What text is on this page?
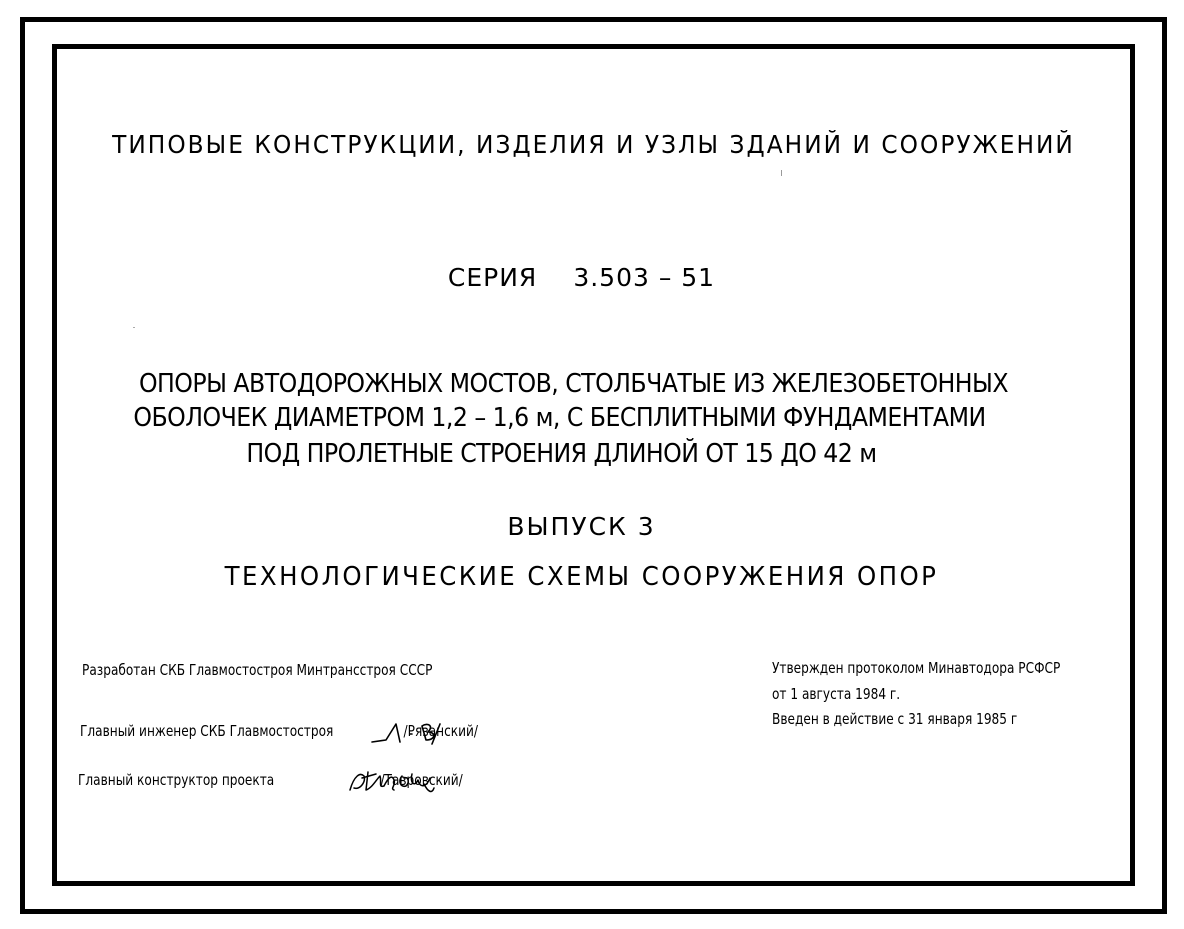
ТИПОВЫЕ КОНСТРУКЦИИ, ИЗДЕЛИЯ И УЗЛЫ ЗДАНИЙ И СООРУЖЕНИЙ
СЕРИЯ 3.503 – 51
ОПОРЫ АВТОДОРОЖНЫХ МОСТОВ, СТОЛБЧАТЫЕ ИЗ ЖЕЛЕЗОБЕТОННЫХ
ОБОЛОЧЕК ДИАМЕТРОМ 1,2 – 1,6 м, С БЕСПЛИТНЫМИ ФУНДАМЕНТАМИ
ПОД ПРОЛЕТНЫЕ СТРОЕНИЯ ДЛИНОЙ ОТ 15 ДО 42 м
ВЫПУСК 3
ТЕХНОЛОГИЧЕСКИЕ СХЕМЫ СООРУЖЕНИЯ ОПОР
Разработан СКБ Главмостостроя Минтрансстроя СССР
Главный инженер СКБ Главмостостроя	/Рязанский/
Главный конструктор проекта	/Тавровский/
Утвержден протоколом Минавтодора РСФСР
от 1 августа 1984 г.
Введен в действие с 31 января 1985 г
